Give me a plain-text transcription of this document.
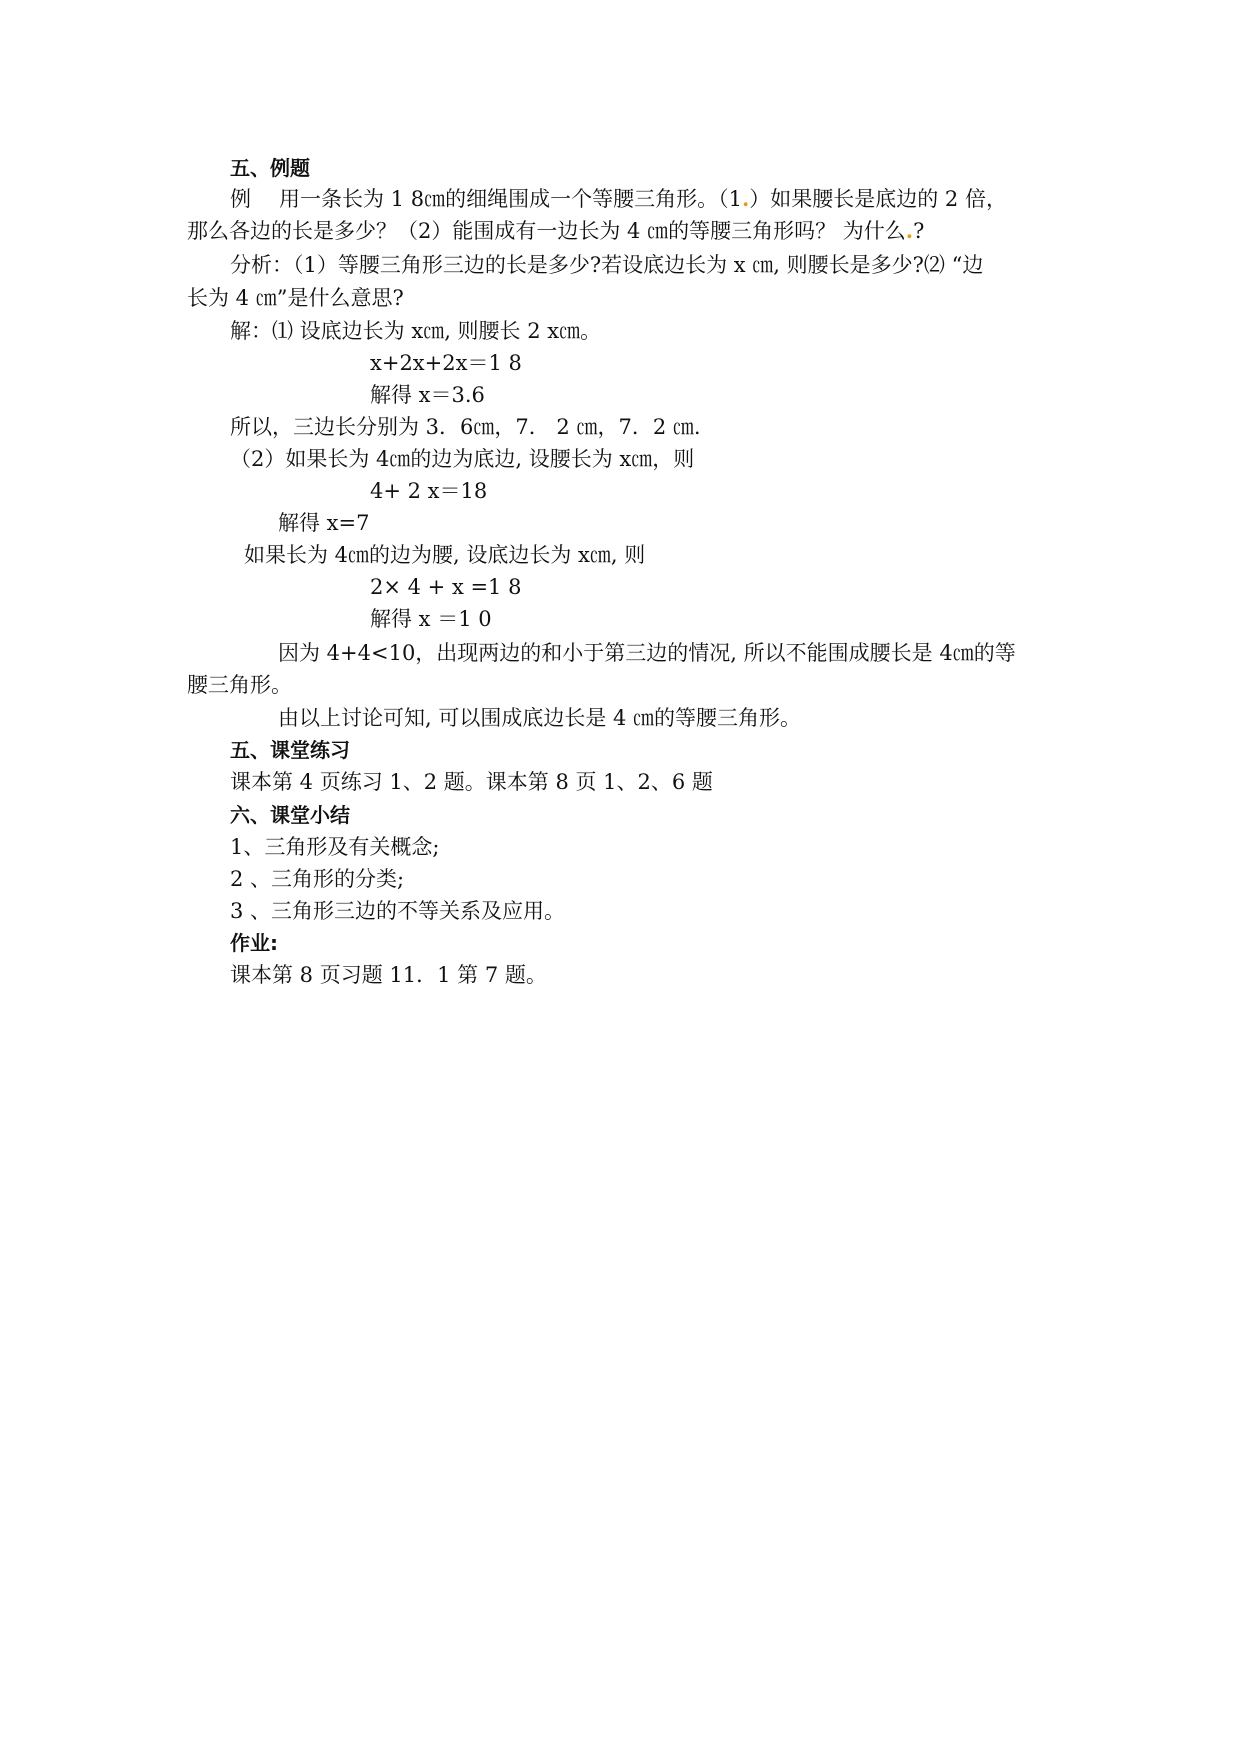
五、例题
例 用一条长为 1 8㎝的细绳围成一个等腰三角形。（1.）如果腰长是底边的 2 倍，
那么各边的长是多少？（2）能围成有一边长为 4 ㎝的等腰三角形吗？ 为什么.?
分析：（1）等腰三角形三边的长是多少?若设底边长为 x ㎝, 则腰长是多少?⑵ “边
长为 4 ㎝”是什么意思?
解：⑴ 设底边长为 x㎝, 则腰长 2 x㎝。
x+2x+2x＝1 8
解得 x＝3.6
所以，三边长分别为 3．6㎝，7． 2 ㎝，7．2 ㎝.
（2）如果长为 4㎝的边为底边, 设腰长为 x㎝，则
4+ 2 x＝18
解得 x=7
如果长为 4㎝的边为腰, 设底边长为 x㎝, 则
2× 4 + x =1 8
解得 x ＝1 0
因为 4+4<10，出现两边的和小于第三边的情况, 所以不能围成腰长是 4㎝的等
腰三角形。
由以上讨论可知, 可以围成底边长是 4 ㎝的等腰三角形。
五、课堂练习
课本第 4 页练习 1、2 题。课本第 8 页 1、2、6 题
六、课堂小结
1、三角形及有关概念;
2 、三角形的分类;
3 、三角形三边的不等关系及应用。
作业:
课本第 8 页习题 11．1 第 7 题。
